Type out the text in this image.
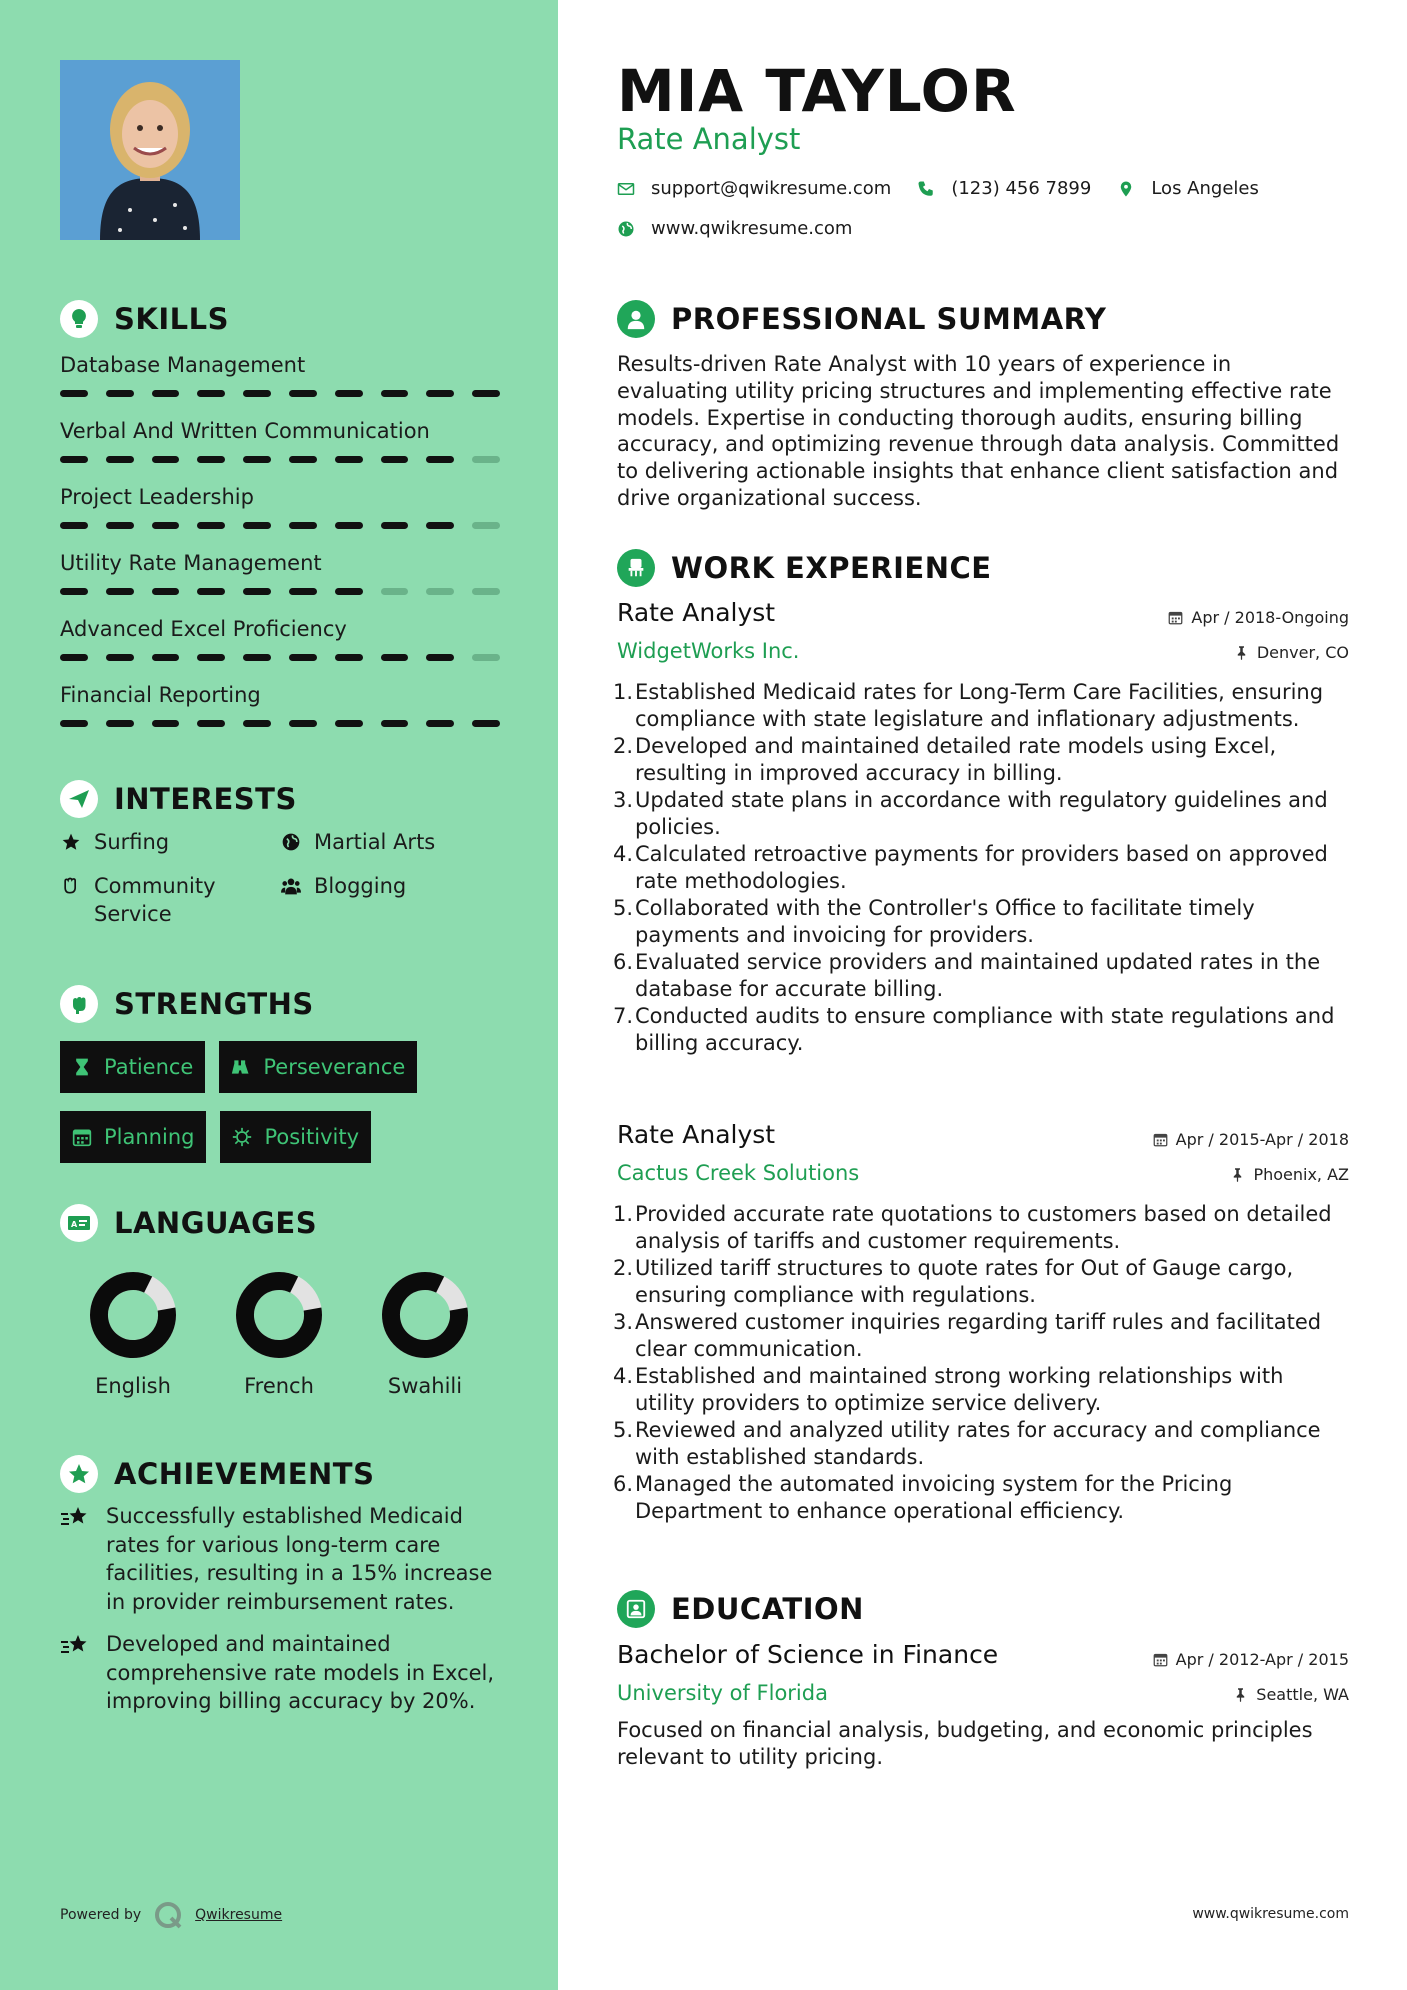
SKILLS
Database Management
Verbal And Written Communication
Project Leadership
Utility Rate Management
Advanced Excel Proficiency
Financial Reporting
INTERESTS
Surfing	Martial Arts
Community Service
Blogging
STRENGTHS
Patience	Perseverance
Planning	Positivity
A LANGUAGES
English	French	Swahili
ACHIEVEMENTS
Successfully established Medicaid rates for various long-term care facilities, resulting in a 15% increase in provider reimbursement rates.
Developed and maintained comprehensive rate models in Excel, improving billing accuracy by 20%.
Powered by	Qwikresume
MIA TAYLOR
Rate Analyst
support@qwikresume.com	(123) 456 7899	Los Angeles
www.qwikresume.com
PROFESSIONAL SUMMARY

Results-driven Rate Analyst with 10 years of experience in evaluating utility pricing structures and implementing effective rate models. Expertise in conducting thorough audits, ensuring billing accuracy, and optimizing revenue through data analysis. Committed to delivering actionable insights that enhance client satisfaction and drive organizational success.

WORK EXPERIENCE
Rate Analyst	Apr / 2018-Ongoing
WidgetWorks Inc.	Denver, CO
1. Established Medicaid rates for Long-Term Care Facilities, ensuring compliance with state legislature and inflationary adjustments.
2. Developed and maintained detailed rate models using Excel, resulting in improved accuracy in billing.
3. Updated state plans in accordance with regulatory guidelines and policies.
4. Calculated retroactive payments for providers based on approved rate methodologies.
5. Collaborated with the Controller's Office to facilitate timely payments and invoicing for providers.
6. Evaluated service providers and maintained updated rates in the database for accurate billing.
7. Conducted audits to ensure compliance with state regulations and billing accuracy.
Rate Analyst	Apr / 2015-Apr / 2018
Cactus Creek Solutions	Phoenix, AZ
1. Provided accurate rate quotations to customers based on detailed analysis of tariffs and customer requirements.
2. Utilized tariff structures to quote rates for Out of Gauge cargo, ensuring compliance with regulations.
3. Answered customer inquiries regarding tariff rules and facilitated clear communication.
4. Established and maintained strong working relationships with utility providers to optimize service delivery.
5. Reviewed and analyzed utility rates for accuracy and compliance with established standards.
6. Managed the automated invoicing system for the Pricing Department to enhance operational efficiency.
EDUCATION
Bachelor of Science in Finance	Apr / 2012-Apr / 2015
University of Florida	Seattle, WA

Focused on financial analysis, budgeting, and economic principles relevant to utility pricing.

www.qwikresume.com
